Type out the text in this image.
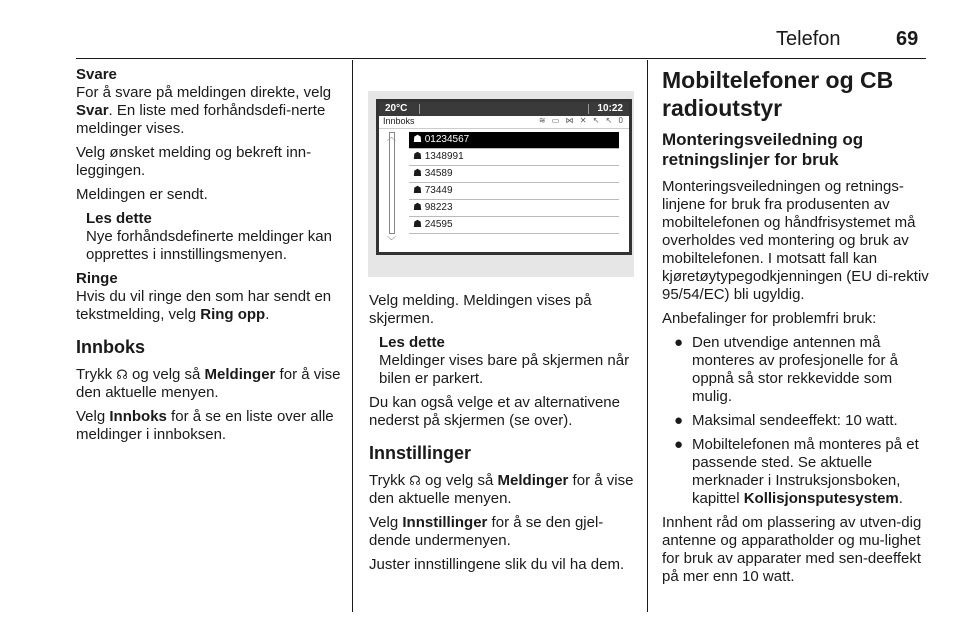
Telefon	69
Svare

For å svare på meldingen direkte, velg Svar. En liste med forhåndsdefi-nerte meldinger vises.

Velg ønsket melding og bekreft inn-leggingen.

Meldingen er sendt.

Les dette
Nye forhåndsdefinerte meldinger kan opprettes i innstillingsmenyen.
Ringe

Hvis du vil ringe den som har sendt en tekstmelding, velg Ring opp.

Innboks

Trykk ☊ og velg så Meldinger for å vise den aktuelle menyen.

Velg Innboks for å se en liste over alle meldinger i innboksen.

20°C	10:22
Innboks	≋ ▭ ⋈ ✕ ↖ ↖ 0
︿
﹀
☗ 01234567
☗ 1348991
☗ 34589
☗ 73449
☗ 98223
☗ 24595

Velg melding. Meldingen vises på skjermen.

Les dette
Meldinger vises bare på skjermen når bilen er parkert.

Du kan også velge et av alternativene nederst på skjermen (se over).

Innstillinger

Trykk ☊ og velg så Meldinger for å vise den aktuelle menyen.

Velg Innstillinger for å se den gjel-dende undermenyen.

Juster innstillingene slik du vil ha dem.

Mobiltelefoner og CB radioutstyr
Monteringsveiledning og retningslinjer for bruk

Monteringsveiledningen og retnings-linjene for bruk fra produsenten av mobiltelefonen og håndfrisystemet må overholdes ved montering og bruk av mobiltelefonen. I motsatt fall kan kjøretøytypegodkjenningen (EU di-rektiv 95/54/EC) bli ugyldig.

Anbefalinger for problemfri bruk:

● Den utvendige antennen må monteres av profesjonelle for å oppnå så stor rekkevidde som mulig.
● Maksimal sendeeffekt: 10 watt.
● Mobiltelefonen må monteres på et passende sted. Se aktuelle merknader i Instruksjonsboken, kapittel Kollisjonsputesystem.

Innhent råd om plassering av utven-dig antenne og apparatholder og mu-lighet for bruk av apparater med sen-deeffekt på mer enn 10 watt.
